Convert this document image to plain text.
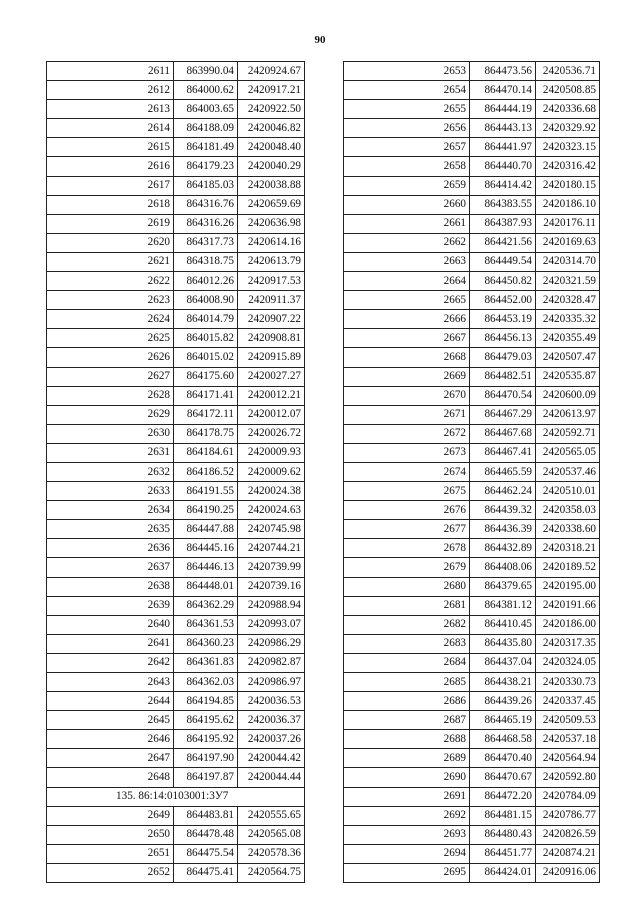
90
2611	863990.04	2420924.67
2612	864000.62	2420917.21
2613	864003.65	2420922.50
2614	864188.09	2420046.82
2615	864181.49	2420048.40
2616	864179.23	2420040.29
2617	864185.03	2420038.88
2618	864316.76	2420659.69
2619	864316.26	2420636.98
2620	864317.73	2420614.16
2621	864318.75	2420613.79
2622	864012.26	2420917.53
2623	864008.90	2420911.37
2624	864014.79	2420907.22
2625	864015.82	2420908.81
2626	864015.02	2420915.89
2627	864175.60	2420027.27
2628	864171.41	2420012.21
2629	864172.11	2420012.07
2630	864178.75	2420026.72
2631	864184.61	2420009.93
2632	864186.52	2420009.62
2633	864191.55	2420024.38
2634	864190.25	2420024.63
2635	864447.88	2420745.98
2636	864445.16	2420744.21
2637	864446.13	2420739.99
2638	864448.01	2420739.16
2639	864362.29	2420988.94
2640	864361.53	2420993.07
2641	864360.23	2420986.29
2642	864361.83	2420982.87
2643	864362.03	2420986.97
2644	864194.85	2420036.53
2645	864195.62	2420036.37
2646	864195.92	2420037.26
2647	864197.90	2420044.42
2648	864197.87	2420044.44
135. 86:14:0103001:3У7		
2649	864483.81	2420555.65
2650	864478.48	2420565.08
2651	864475.54	2420578.36
2652	864475.41	2420564.75
2653	864473.56	2420536.71
2654	864470.14	2420508.85
2655	864444.19	2420336.68
2656	864443.13	2420329.92
2657	864441.97	2420323.15
2658	864440.70	2420316.42
2659	864414.42	2420180.15
2660	864383.55	2420186.10
2661	864387.93	2420176.11
2662	864421.56	2420169.63
2663	864449.54	2420314.70
2664	864450.82	2420321.59
2665	864452.00	2420328.47
2666	864453.19	2420335.32
2667	864456.13	2420355.49
2668	864479.03	2420507.47
2669	864482.51	2420535.87
2670	864470.54	2420600.09
2671	864467.29	2420613.97
2672	864467.68	2420592.71
2673	864467.41	2420565.05
2674	864465.59	2420537.46
2675	864462.24	2420510.01
2676	864439.32	2420358.03
2677	864436.39	2420338.60
2678	864432.89	2420318.21
2679	864408.06	2420189.52
2680	864379.65	2420195.00
2681	864381.12	2420191.66
2682	864410.45	2420186.00
2683	864435.80	2420317.35
2684	864437.04	2420324.05
2685	864438.21	2420330.73
2686	864439.26	2420337.45
2687	864465.19	2420509.53
2688	864468.58	2420537.18
2689	864470.40	2420564.94
2690	864470.67	2420592.80
2691	864472.20	2420784.09
2692	864481.15	2420786.77
2693	864480.43	2420826.59
2694	864451.77	2420874.21
2695	864424.01	2420916.06
